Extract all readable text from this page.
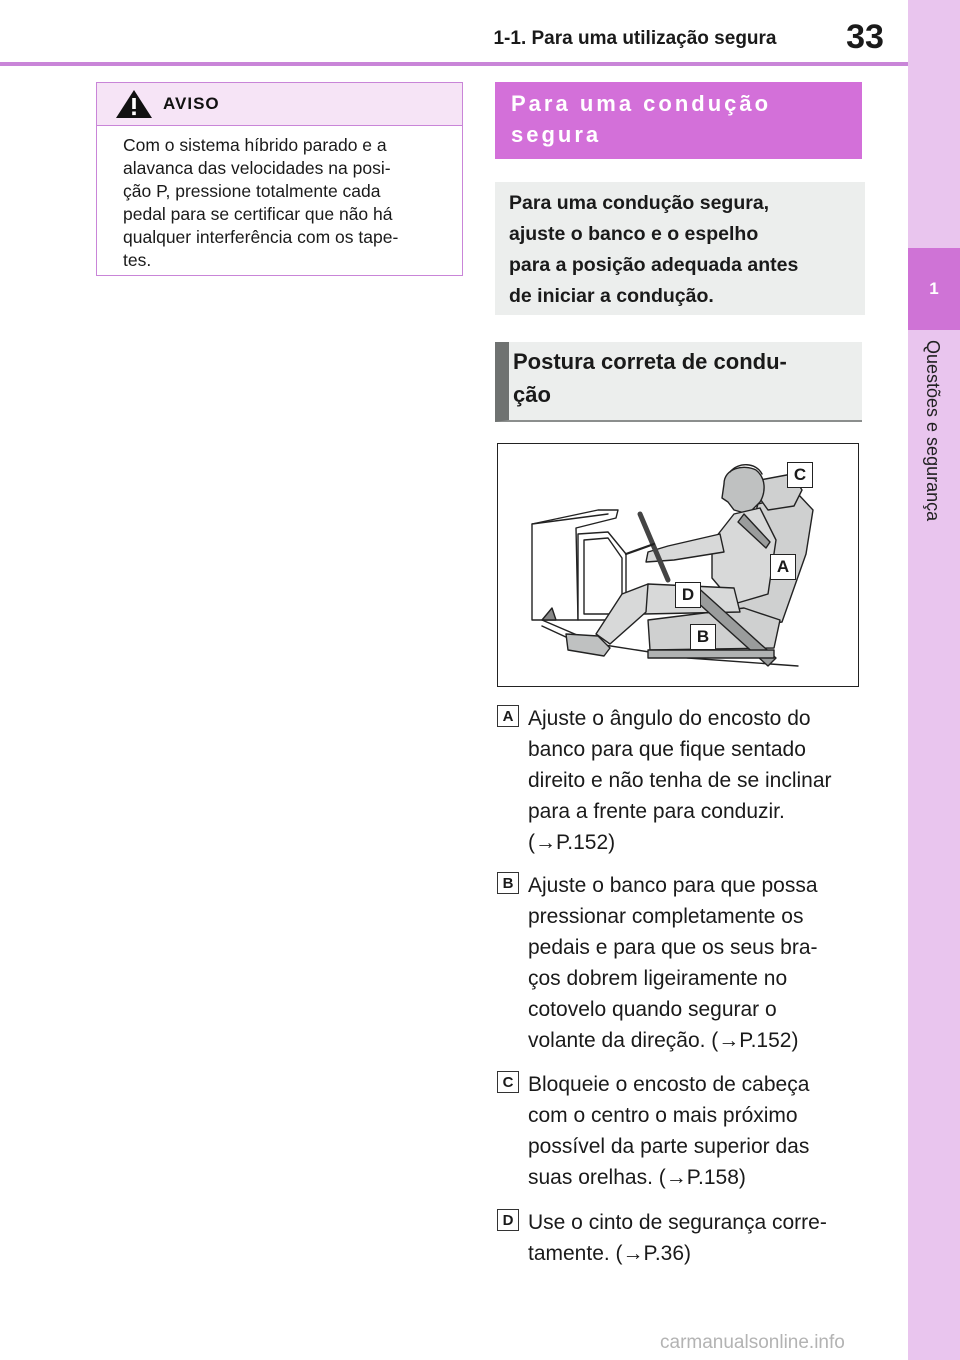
1-1. Para uma utilização segura	33
1
Questões e segurança
AVISO
Com o sistema híbrido parado e a
alavanca das velocidades na posi-
ção P, pressione totalmente cada
pedal para se certificar que não há
qualquer interferência com os tape-
tes.
Para uma condução
segura
Para uma condução segura,
ajuste o banco e o espelho
para a posição adequada antes
de iniciar a condução.
Postura correta de condu-
ção
C
A
D
B
A Ajuste o ângulo do encosto do
banco para que fique sentado
direito e não tenha de se inclinar
para a frente para conduzir.
(→P.152)
B Ajuste o banco para que possa
pressionar completamente os
pedais e para que os seus bra-
ços dobrem ligeiramente no
cotovelo quando segurar o
volante da direção. (→P.152)
C Bloqueie o encosto de cabeça
com o centro o mais próximo
possível da parte superior das
suas orelhas. (→P.158)
D Use o cinto de segurança corre-
tamente. (→P.36)
carmanualsonline.info
